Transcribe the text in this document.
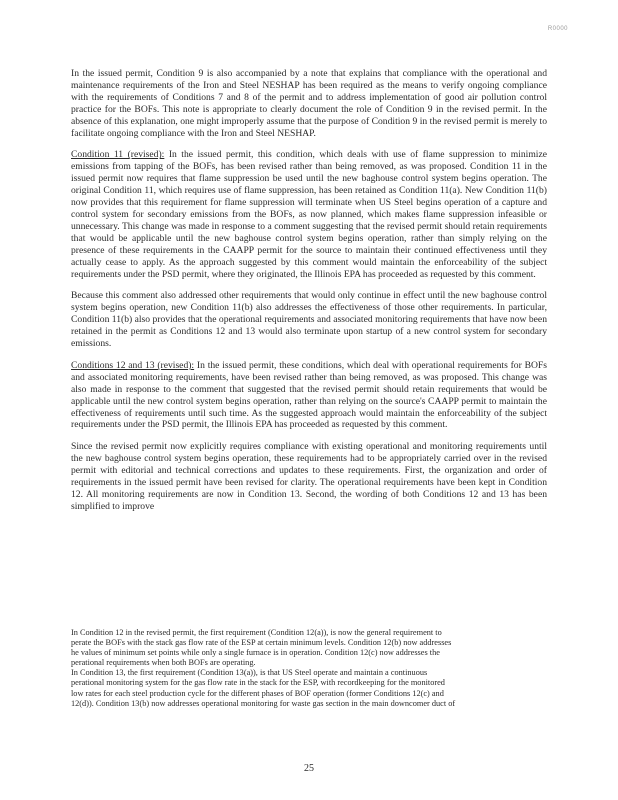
R0000

In the issued permit, Condition 9 is also accompanied by a note that explains that compliance with the operational and maintenance requirements of the Iron and Steel NESHAP has been required as the means to verify ongoing compliance with the requirements of Conditions 7 and 8 of the permit and to address implementation of good air pollution control practice for the BOFs. This note is appropriate to clearly document the role of Condition 9 in the revised permit. In the absence of this explanation, one might improperly assume that the purpose of Condition 9 in the revised permit is merely to facilitate ongoing compliance with the Iron and Steel NESHAP.

Condition 11 (revised): In the issued permit, this condition, which deals with use of flame suppression to minimize emissions from tapping of the BOFs, has been revised rather than being removed, as was proposed. Condition 11 in the issued permit now requires that flame suppression be used until the new baghouse control system begins operation. The original Condition 11, which requires use of flame suppression, has been retained as Condition 11(a). New Condition 11(b) now provides that this requirement for flame suppression will terminate when US Steel begins operation of a capture and control system for secondary emissions from the BOFs, as now planned, which makes flame suppression infeasible or unnecessary. This change was made in response to a comment suggesting that the revised permit should retain requirements that would be applicable until the new baghouse control system begins operation, rather than simply relying on the presence of these requirements in the CAAPP permit for the source to maintain their continued effectiveness until they actually cease to apply. As the approach suggested by this comment would maintain the enforceability of the subject requirements under the PSD permit, where they originated, the Illinois EPA has proceeded as requested by this comment.

Because this comment also addressed other requirements that would only continue in effect until the new baghouse control system begins operation, new Condition 11(b) also addresses the effectiveness of those other requirements. In particular, Condition 11(b) also provides that the operational requirements and associated monitoring requirements that have now been retained in the permit as Conditions 12 and 13 would also terminate upon startup of a new control system for secondary emissions.

Conditions 12 and 13 (revised): In the issued permit, these conditions, which deal with operational requirements for BOFs and associated monitoring requirements, have been revised rather than being removed, as was proposed. This change was also made in response to the comment that suggested that the revised permit should retain requirements that would be applicable until the new control system begins operation, rather than relying on the source's CAAPP permit to maintain the effectiveness of requirements until such time. As the suggested approach would maintain the enforceability of the subject requirements under the PSD permit, the Illinois EPA has proceeded as requested by this comment.

Since the revised permit now explicitly requires compliance with existing operational and monitoring requirements until the new baghouse control system begins operation, these requirements had to be appropriately carried over in the revised permit with editorial and technical corrections and updates to these requirements. First, the organization and order of requirements in the issued permit have been revised for clarity. The operational requirements have been kept in Condition 12. All monitoring requirements are now in Condition 13. Second, the wording of both Conditions 12 and 13 has been simplified to improve

In Condition 12 in the revised permit, the first requirement (Condition 12(a)), is now the general requirement to
perate the BOFs with the stack gas flow rate of the ESP at certain minimum levels. Condition 12(b) now addresses
he values of minimum set points while only a single furnace is in operation. Condition 12(c) now addresses the
perational requirements when both BOFs are operating.
In Condition 13, the first requirement (Condition 13(a)), is that US Steel operate and maintain a continuous
perational monitoring system for the gas flow rate in the stack for the ESP, with recordkeeping for the monitored
low rates for each steel production cycle for the different phases of BOF operation (former Conditions 12(c) and
12(d)). Condition 13(b) now addresses operational monitoring for waste gas section in the main downcomer duct of
25
